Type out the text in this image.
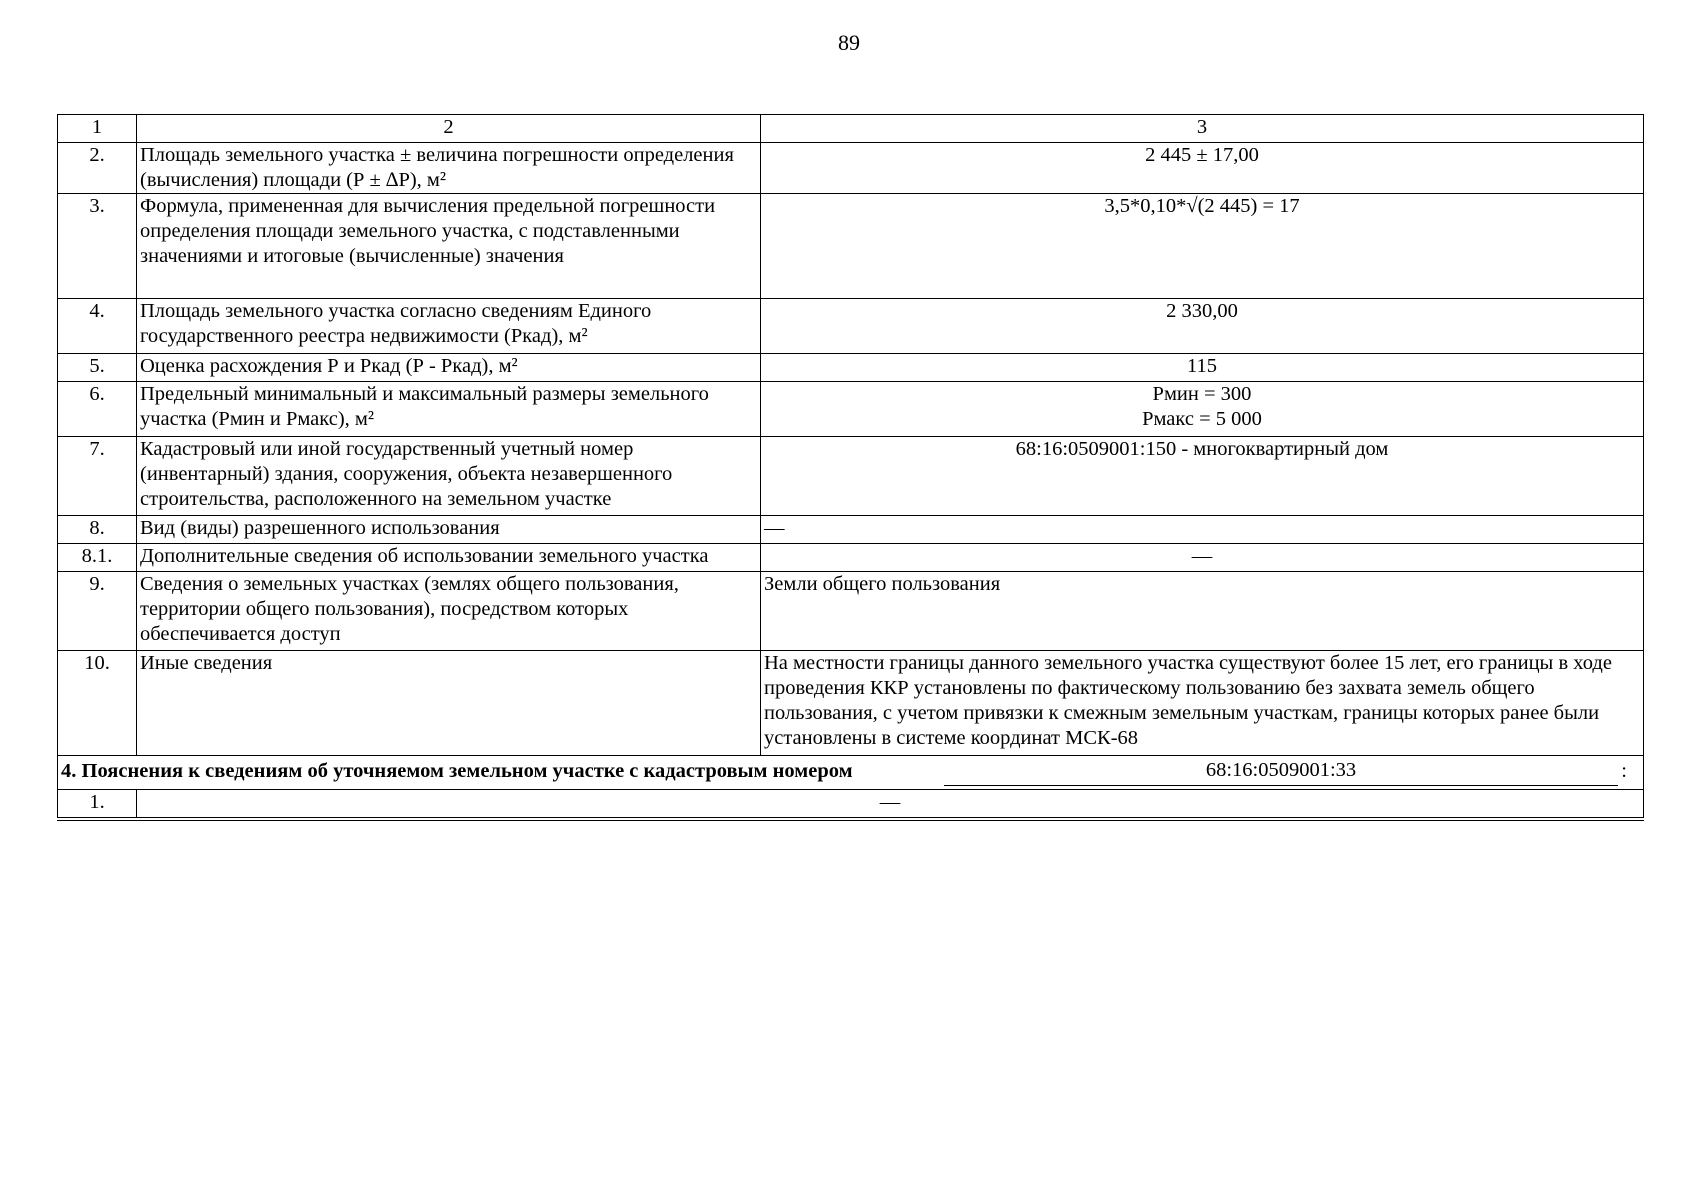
89
1	2	3
2.	Площадь земельного участка ± величина погрешности определения (вычисления) площади (Р ± ∆Р), м²	2 445 ± 17,00
3.	Формула, примененная для вычисления предельной погрешности определения площади земельного участка, с подставленными значениями и итоговые (вычисленные) значения	3,5*0,10*√(2 445) = 17
4.	Площадь земельного участка согласно сведениям Единого государственного реестра недвижимости (Ркад), м²	2 330,00
5.	Оценка расхождения Р и Ркад (Р - Ркад), м²	115
6.	Предельный минимальный и максимальный размеры земельного участка (Рмин и Рмакс), м²	Рмин = 300
Рмакс = 5 000

7.	Кадастровый или иной государственный учетный номер (инвентарный) здания, сооружения, объекта незавершенного строительства, расположенного на земельном участке	68:16:0509001:150 - многоквартирный дом
8.	Вид (виды) разрешенного использования	—
8.1.	Дополнительные сведения об использовании земельного участка	—
9.	Сведения о земельных участках (землях общего пользования, территории общего пользования), посредством которых обеспечивается доступ	Земли общего пользования
10.	Иные сведения	На местности границы данного земельного участка существуют более 15 лет, его границы в ходе проведения ККР установлены по фактическому пользованию без захвата земель общего пользования, с учетом привязки к смежным земельным участкам, границы которых ранее были установлены в системе координат МСК-68

4. Пояснения к сведениям об уточняемом земельном участке с кадастровым номером 68:16:0509001:33 :		

1.	—	
